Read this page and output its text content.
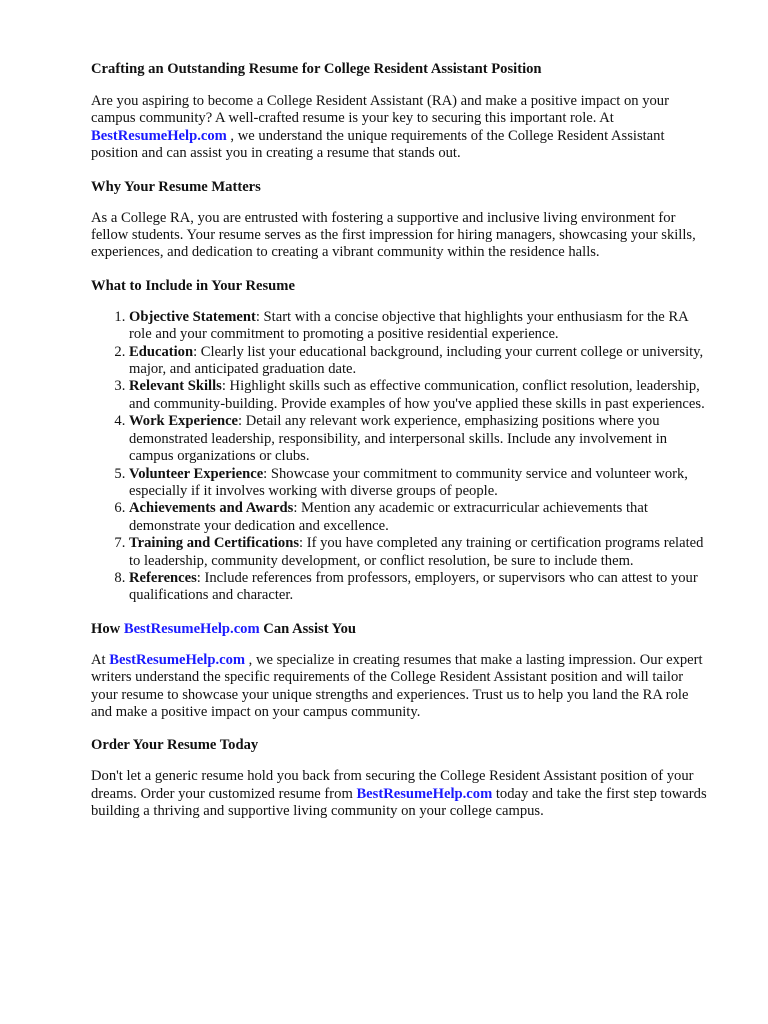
Crafting an Outstanding Resume for College Resident Assistant Position

Are you aspiring to become a College Resident Assistant (RA) and make a positive impact on your campus community? A well-crafted resume is your key to securing this important role. At BestResumeHelp.com , we understand the unique requirements of the College Resident Assistant position and can assist you in creating a resume that stands out.

Why Your Resume Matters

As a College RA, you are entrusted with fostering a supportive and inclusive living environment for fellow students. Your resume serves as the first impression for hiring managers, showcasing your skills, experiences, and dedication to creating a vibrant community within the residence halls.

What to Include in Your Resume
1. Objective Statement: Start with a concise objective that highlights your enthusiasm for the RA role and your commitment to promoting a positive residential experience.
2. Education: Clearly list your educational background, including your current college or university, major, and anticipated graduation date.
3. Relevant Skills: Highlight skills such as effective communication, conflict resolution, leadership, and community-building. Provide examples of how you've applied these skills in past experiences.
4. Work Experience: Detail any relevant work experience, emphasizing positions where you demonstrated leadership, responsibility, and interpersonal skills. Include any involvement in campus organizations or clubs.
5. Volunteer Experience: Showcase your commitment to community service and volunteer work, especially if it involves working with diverse groups of people.
6. Achievements and Awards: Mention any academic or extracurricular achievements that demonstrate your dedication and excellence.
7. Training and Certifications: If you have completed any training or certification programs related to leadership, community development, or conflict resolution, be sure to include them.
8. References: Include references from professors, employers, or supervisors who can attest to your qualifications and character.
How BestResumeHelp.com Can Assist You

At BestResumeHelp.com , we specialize in creating resumes that make a lasting impression. Our expert writers understand the specific requirements of the College Resident Assistant position and will tailor your resume to showcase your unique strengths and experiences. Trust us to help you land the RA role and make a positive impact on your campus community.

Order Your Resume Today

Don't let a generic resume hold you back from securing the College Resident Assistant position of your dreams. Order your customized resume from BestResumeHelp.com today and take the first step towards building a thriving and supportive living community on your college campus.
